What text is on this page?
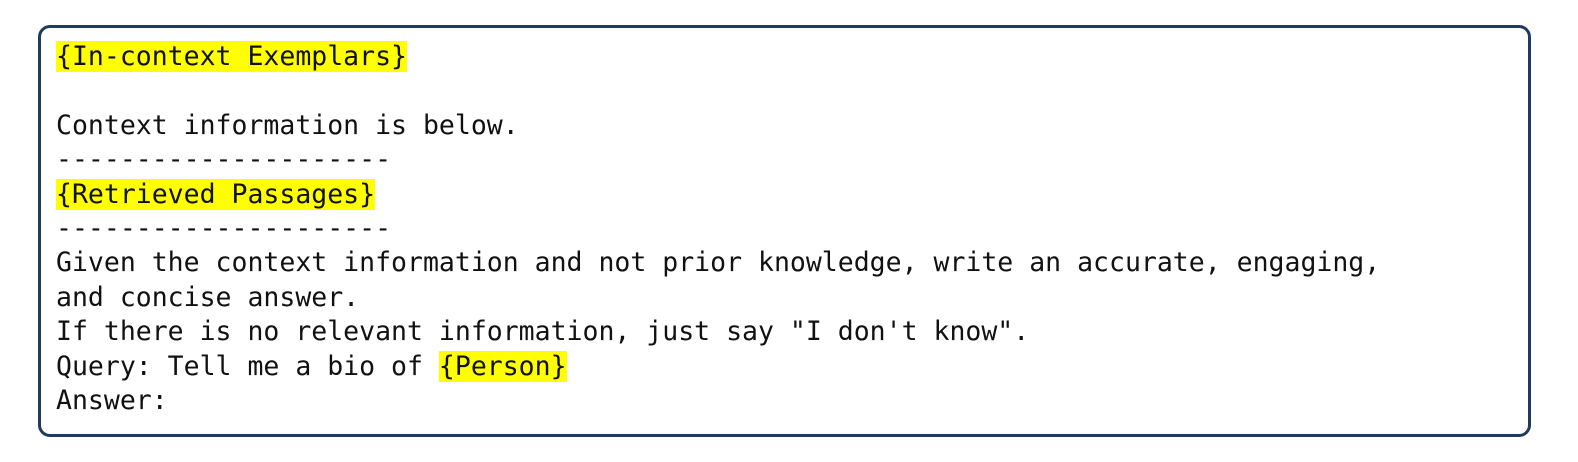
{In-context Exemplars}
Context information is below.
---------------------
{Retrieved Passages}
---------------------
Given the context information and not prior knowledge, write an accurate, engaging,
and concise answer.
If there is no relevant information, just say "I don't know".
Query: Tell me a bio of {Person}
Answer:
